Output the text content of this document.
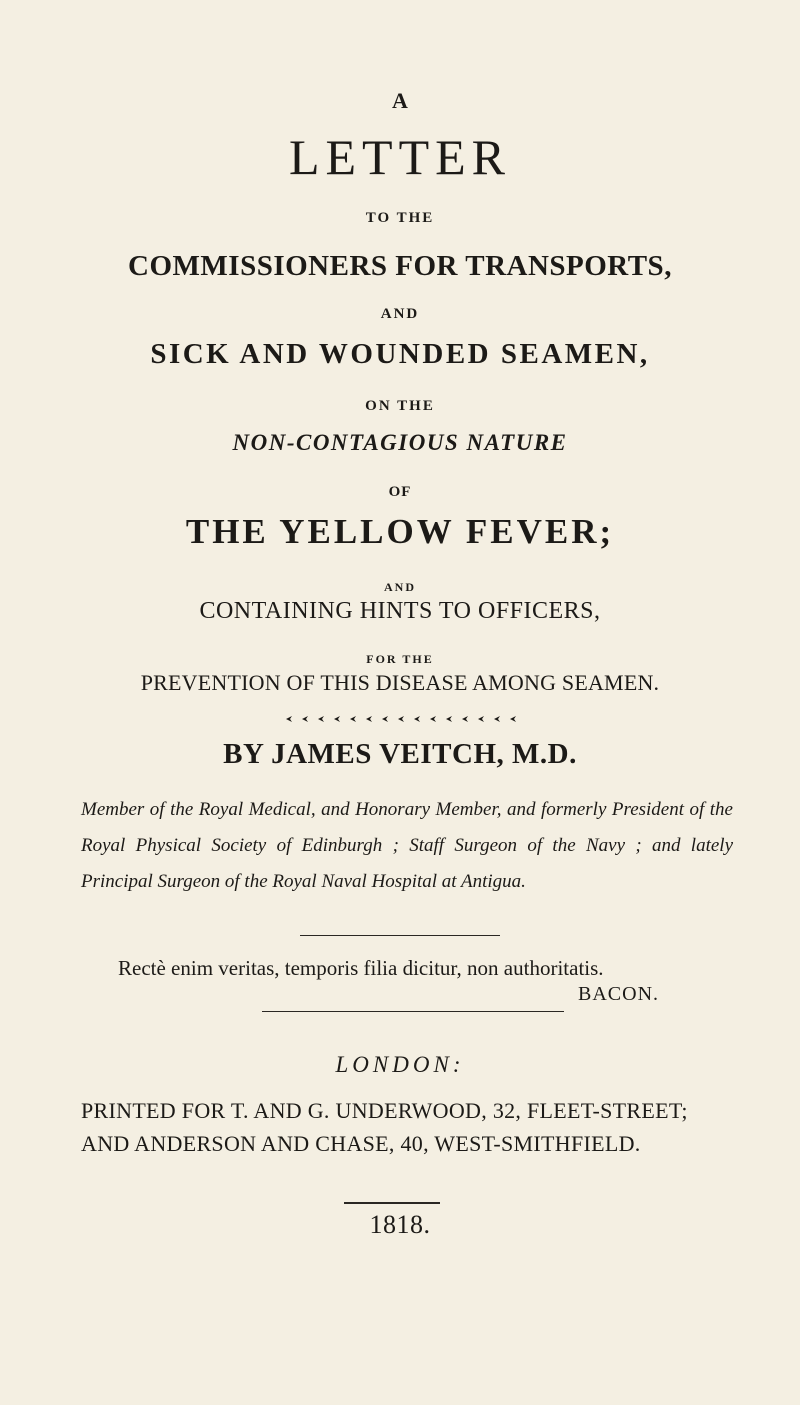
A
LETTER
TO THE
COMMISSIONERS FOR TRANSPORTS,
AND
SICK AND WOUNDED SEAMEN,
ON THE
NON-CONTAGIOUS NATURE
OF
THE YELLOW FEVER;
AND
CONTAINING HINTS TO OFFICERS,
FOR THE
PREVENTION OF THIS DISEASE AMONG SEAMEN.
BY JAMES VEITCH, M.D.
Member of the Royal Medical, and Honorary Member, and formerly President of the Royal Physical Society of Edinburgh ; Staff Surgeon of the Navy ; and lately Principal Surgeon of the Royal Naval Hospital at Antigua.
Rectè enim veritas, temporis filia dicitur, non authoritatis.
BACON.
LONDON:
PRINTED FOR T. AND G. UNDERWOOD, 32, FLEET-STREET; AND ANDERSON AND CHASE, 40, WEST-SMITHFIELD.
1818.
